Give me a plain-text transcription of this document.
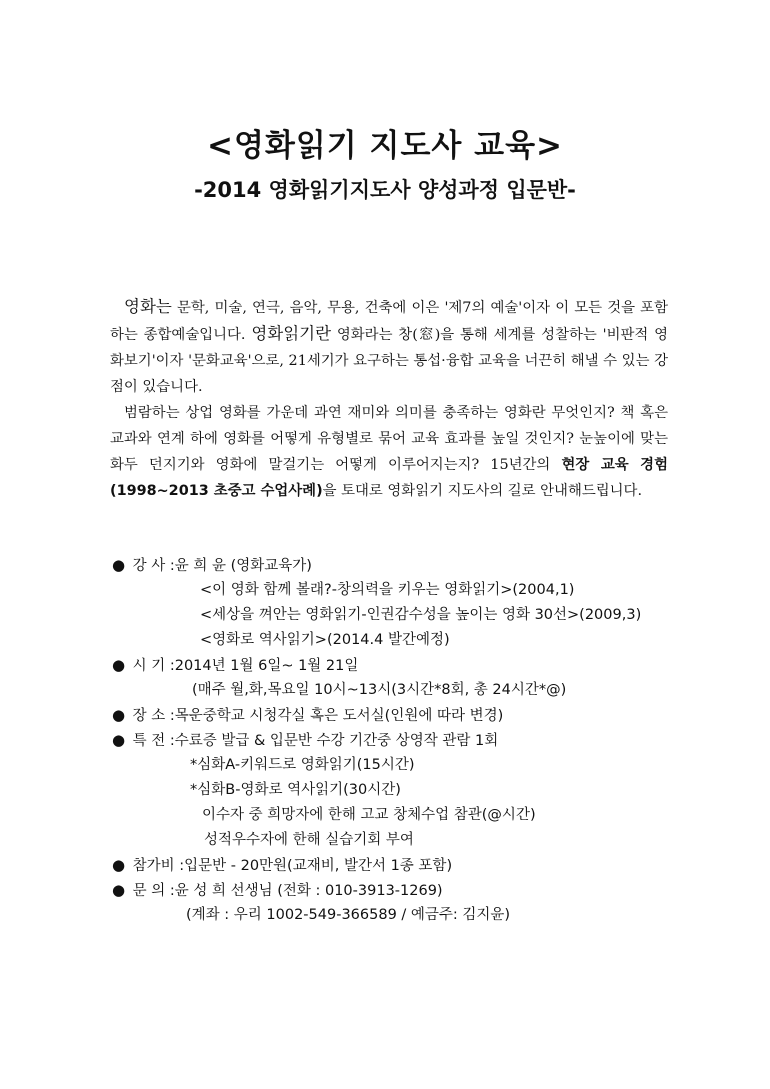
<영화읽기 지도사 교육>
-2014 영화읽기지도사 양성과정 입문반-

영화는 문학, 미술, 연극, 음악, 무용, 건축에 이은 '제7의 예술'이자 이 모든 것을 포함하는 종합예술입니다. 영화읽기란 영화라는 창(窓)을 통해 세계를 성찰하는 '비판적 영화보기'이자 '문화교육'으로, 21세기가 요구하는 통섭·융합 교육을 너끈히 해낼 수 있는 강점이 있습니다.

범람하는 상업 영화를 가운데 과연 재미와 의미를 충족하는 영화란 무엇인지? 책 혹은 교과와 연계 하에 영화를 어떻게 유형별로 묶어 교육 효과를 높일 것인지? 눈높이에 맞는 화두 던지기와 영화에 말걸기는 어떻게 이루어지는지? 15년간의 현장 교육 경험(1998~2013 초중고 수업사례)을 토대로 영화읽기 지도사의 길로 안내해드립니다.

● 강 사 :윤 희 윤 (영화교육가)
<이 영화 함께 볼래?-창의력을 키우는 영화읽기>(2004,1)
<세상을 껴안는 영화읽기-인권감수성을 높이는 영화 30선>(2009,3)
<영화로 역사읽기>(2014.4 발간예정)
● 시 기 :2014년 1월 6일~ 1월 21일
(매주 월,화,목요일 10시~13시(3시간*8회, 총 24시간*@)
● 장 소 :목운중학교 시청각실 혹은 도서실(인원에 따라 변경)
● 특 전 :수료증 발급 & 입문반 수강 기간중 상영작 관람 1회
*심화A-키워드로 영화읽기(15시간)
*심화B-영화로 역사읽기(30시간)
이수자 중 희망자에 한해 고교 창체수업 참관(@시간)
성적우수자에 한해 실습기회 부여
● 참가비 :입문반 - 20만원(교재비, 발간서 1종 포함)
● 문 의 :윤 성 희 선생님 (전화 : 010-3913-1269)
(계좌 : 우리 1002-549-366589 / 예금주: 김지윤)
